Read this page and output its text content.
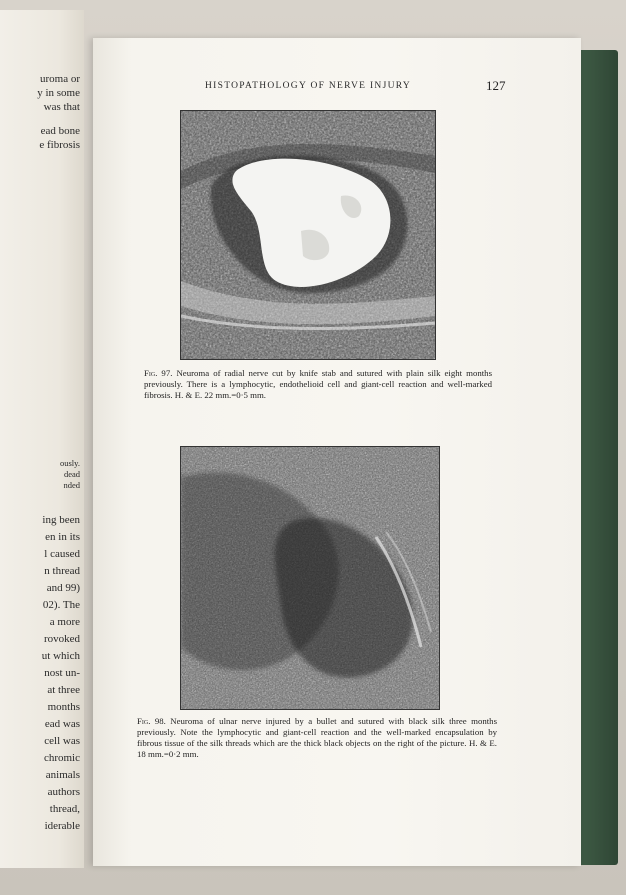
uroma or
y in some
was that
ead bone
e fibrosis
ously.
dead
nded
ing been
en in its
l caused
n thread
and 99)
02). The
a more
rovoked
ut which
nost un-
at three
months
ead was
cell was
chromic
animals
authors
thread,
iderable
HISTOPATHOLOGY OF NERVE INJURY	127
Fig. 97. Neuroma of radial nerve cut by knife stab and sutured with plain silk eight months previously. There is a lymphocytic, endothelioid cell and giant-cell reaction and well-marked fibrosis. H. & E. 22 mm.=0·5 mm.
Fig. 98. Neuroma of ulnar nerve injured by a bullet and sutured with black silk three months previously. Note the lymphocytic and giant-cell reaction and the well-marked encapsulation by fibrous tissue of the silk threads which are the thick black objects on the right of the picture. H. & E. 18 mm.=0·2 mm.
